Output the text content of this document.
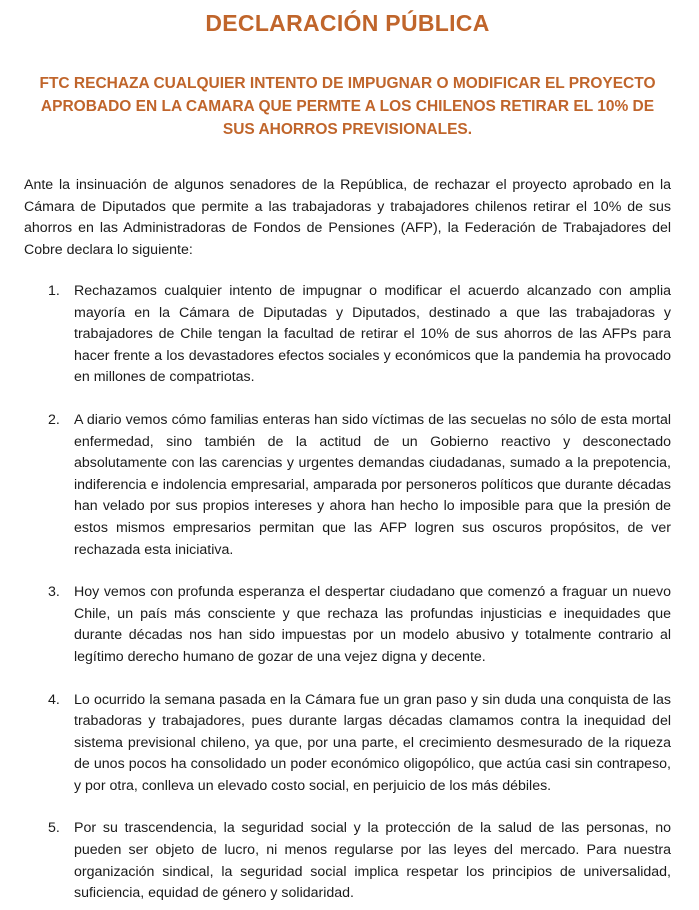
DECLARACIÓN PÚBLICA
FTC RECHAZA CUALQUIER INTENTO DE IMPUGNAR O MODIFICAR EL PROYECTO APROBADO EN LA CAMARA QUE PERMTE A LOS CHILENOS RETIRAR EL 10% DE SUS AHORROS PREVISIONALES.

Ante la insinuación de algunos senadores de la República, de rechazar el proyecto aprobado en la Cámara de Diputados que permite a las trabajadoras y trabajadores chilenos retirar el 10% de sus ahorros en las Administradoras de Fondos de Pensiones (AFP), la Federación de Trabajadores del Cobre declara lo siguiente:

1. Rechazamos cualquier intento de impugnar o modificar el acuerdo alcanzado con amplia mayoría en la Cámara de Diputadas y Diputados, destinado a que las trabajadoras y trabajadores de Chile tengan la facultad de retirar el 10% de sus ahorros de las AFPs para hacer frente a los devastadores efectos sociales y económicos que la pandemia ha provocado en millones de compatriotas.
2. A diario vemos cómo familias enteras han sido víctimas de las secuelas no sólo de esta mortal enfermedad, sino también de la actitud de un Gobierno reactivo y desconectado absolutamente con las carencias y urgentes demandas ciudadanas, sumado a la prepotencia, indiferencia e indolencia empresarial, amparada por personeros políticos que durante décadas han velado por sus propios intereses y ahora han hecho lo imposible para que la presión de estos mismos empresarios permitan que las AFP logren sus oscuros propósitos, de ver rechazada esta iniciativa.
3. Hoy vemos con profunda esperanza el despertar ciudadano que comenzó a fraguar un nuevo Chile, un país más consciente y que rechaza las profundas injusticias e inequidades que durante décadas nos han sido impuestas por un modelo abusivo y totalmente contrario al legítimo derecho humano de gozar de una vejez digna y decente.
4. Lo ocurrido la semana pasada en la Cámara fue un gran paso y sin duda una conquista de las trabadoras y trabajadores, pues durante largas décadas clamamos contra la inequidad del sistema previsional chileno, ya que, por una parte, el crecimiento desmesurado de la riqueza de unos pocos ha consolidado un poder económico oligopólico, que actúa casi sin contrapeso, y por otra, conlleva un elevado costo social, en perjuicio de los más débiles.
5. Por su trascendencia, la seguridad social y la protección de la salud de las personas, no pueden ser objeto de lucro, ni menos regularse por las leyes del mercado. Para nuestra organización sindical, la seguridad social implica respetar los principios de universalidad, suficiencia, equidad de género y solidaridad.
